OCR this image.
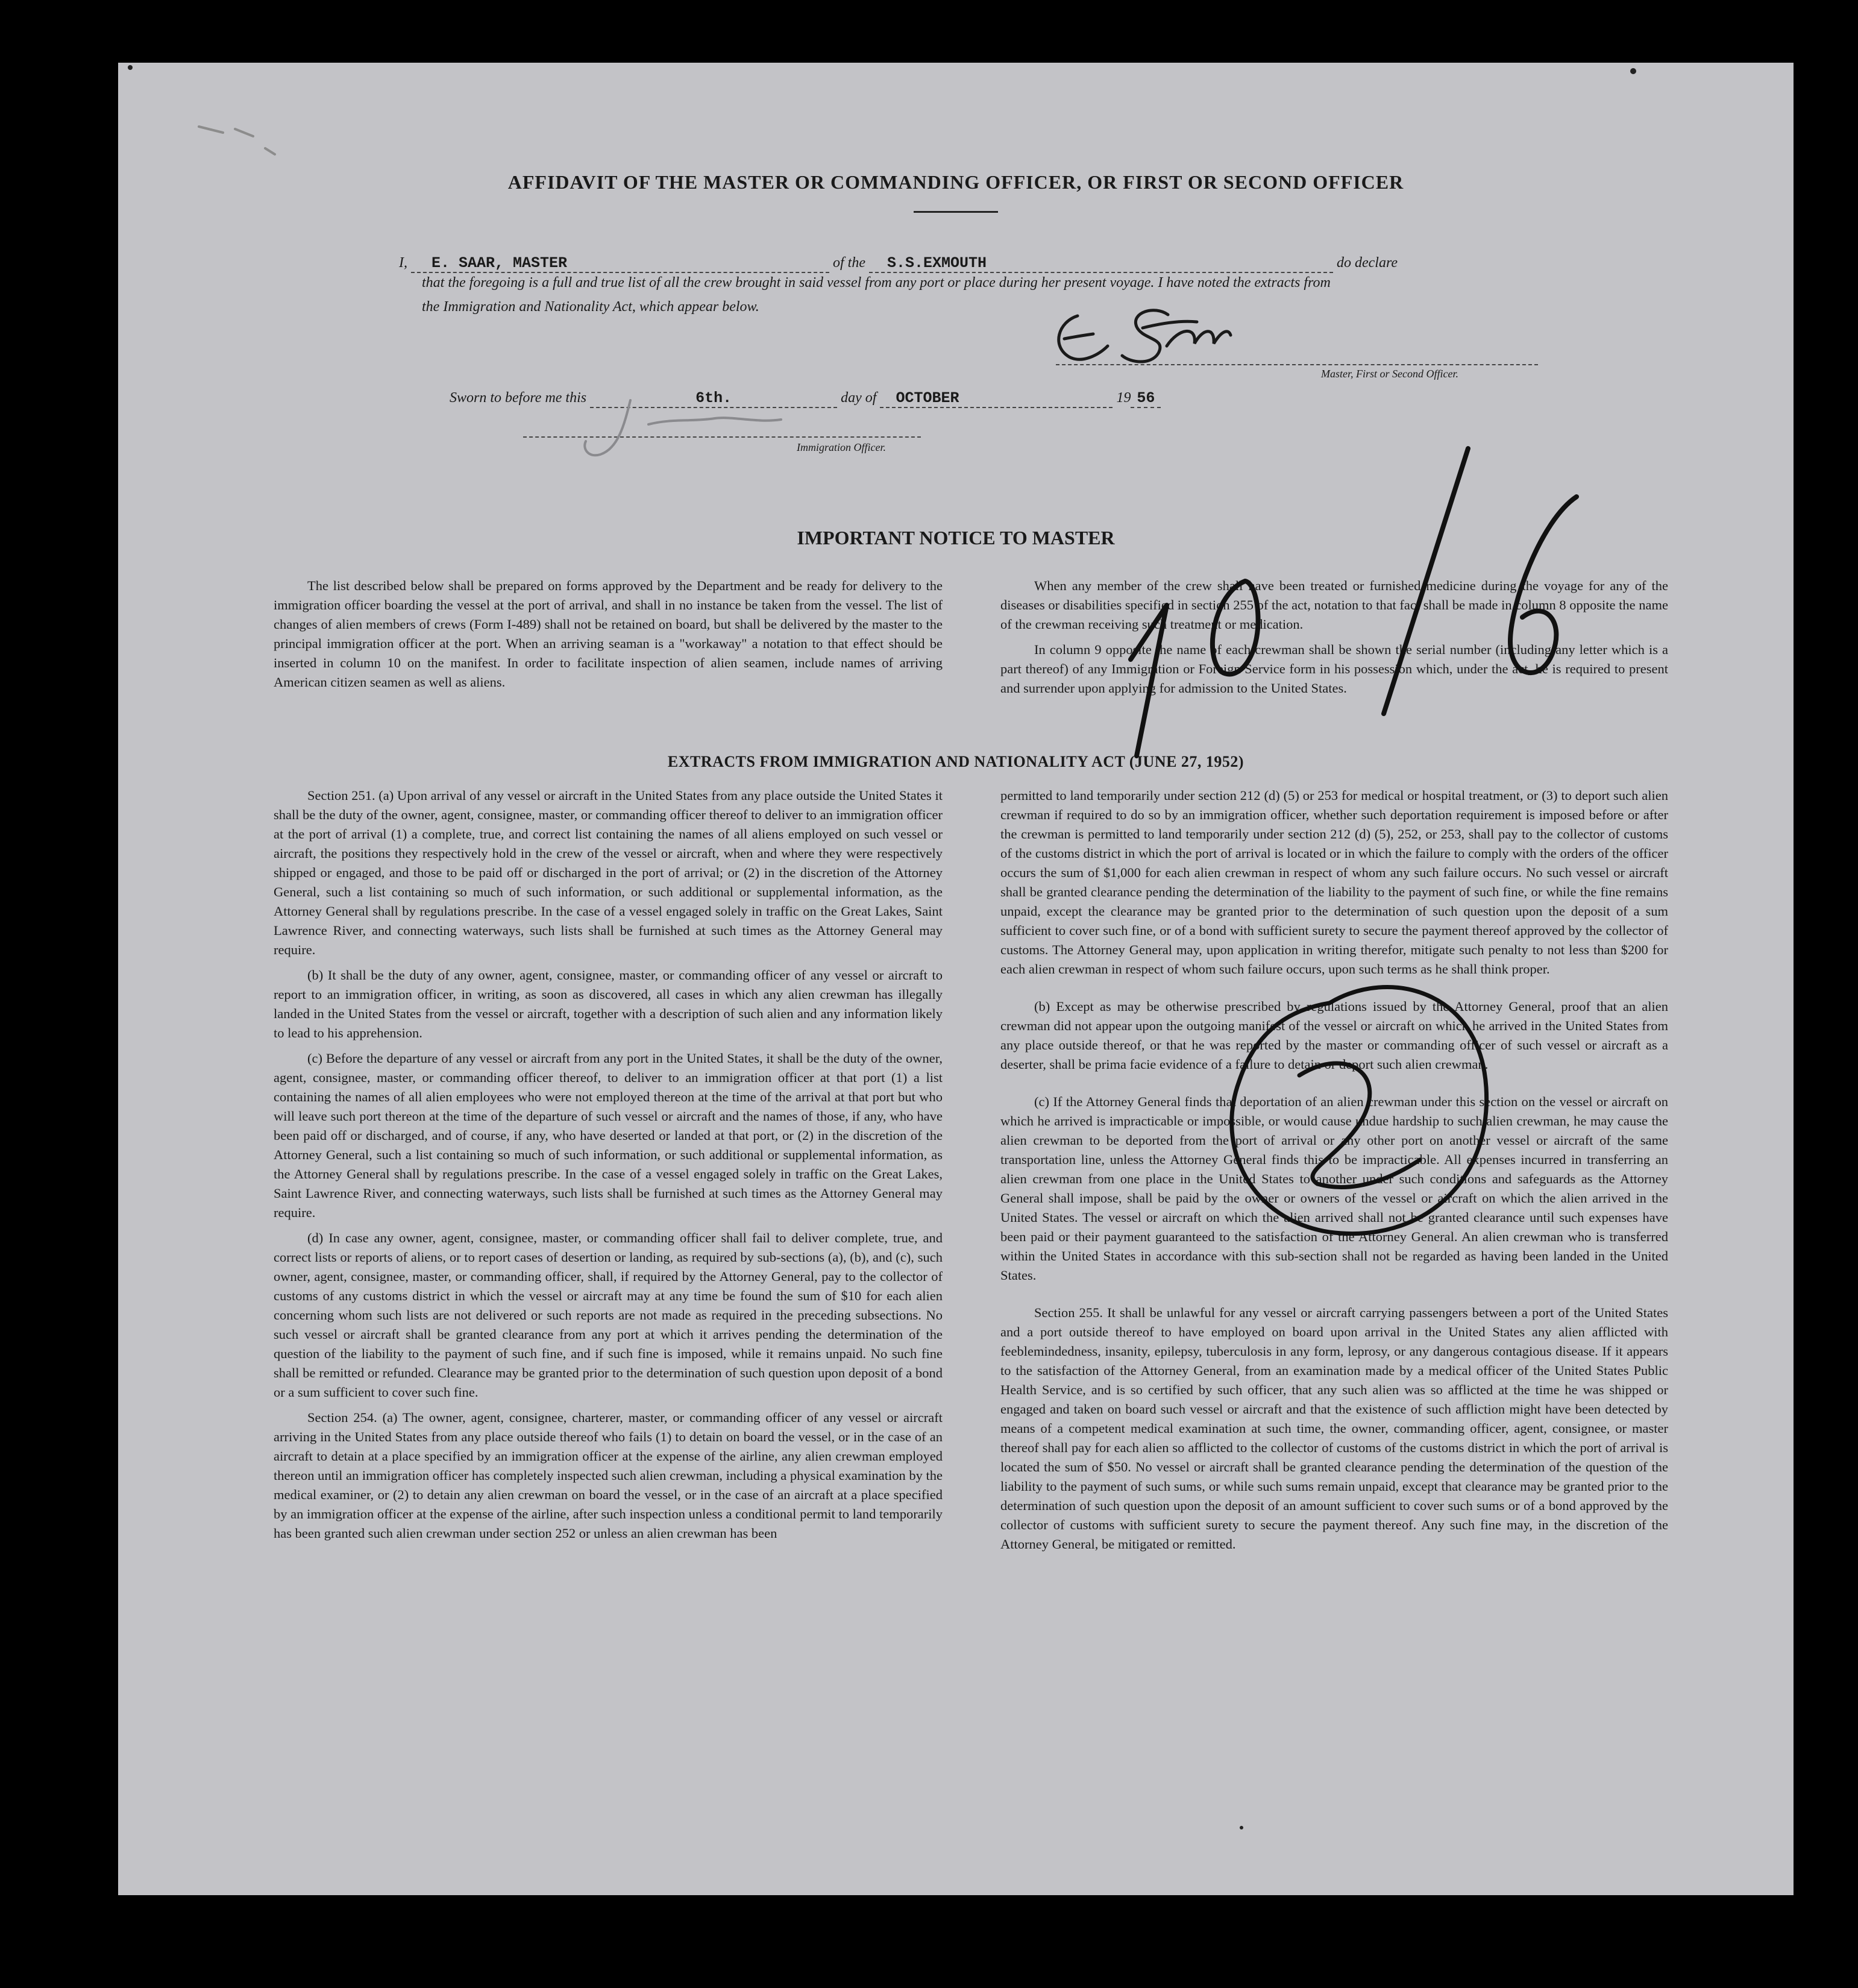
AFFIDAVIT OF THE MASTER OR COMMANDING OFFICER, OR FIRST OR SECOND OFFICER
I, E. SAAR, MASTER	of the S.S.EXMOUTH	do declare
that the foregoing is a full and true list of all the crew brought in said vessel from any port or place during her present voyage. I have noted the extracts from
the Immigration and Nationality Act, which appear below.
Master, First or Second Officer.
Sworn to before me this	6th.	day of OCTOBER	19 56
Immigration Officer.
IMPORTANT NOTICE TO MASTER

The list described below shall be prepared on forms approved by the Department and be ready for delivery to the immigration officer boarding the vessel at the port of arrival, and shall in no instance be taken from the vessel. The list of changes of alien members of crews (Form I-489) shall not be retained on board, but shall be delivered by the master to the principal immigration officer at the port. When an arriving seaman is a "workaway" a notation to that effect should be inserted in column 10 on the manifest. In order to facilitate inspection of alien seamen, include names of arriving American citizen seamen as well as aliens.

When any member of the crew shall have been treated or furnished medicine during the voyage for any of the diseases or disabilities specified in section 255 of the act, notation to that fact shall be made in column 8 opposite the name of the crewman receiving such treatment or medication.

In column 9 opposite the name of each crewman shall be shown the serial number (including any letter which is a part thereof) of any Immigration or Foreign Service form in his possession which, under the act, he is required to present and surrender upon applying for admission to the United States.

EXTRACTS FROM IMMIGRATION AND NATIONALITY ACT (JUNE 27, 1952)

Section 251. (a) Upon arrival of any vessel or aircraft in the United States from any place outside the United States it shall be the duty of the owner, agent, consignee, master, or commanding officer thereof to deliver to an immigration officer at the port of arrival (1) a complete, true, and correct list containing the names of all aliens employed on such vessel or aircraft, the positions they respectively hold in the crew of the vessel or aircraft, when and where they were respectively shipped or engaged, and those to be paid off or discharged in the port of arrival; or (2) in the discretion of the Attorney General, such a list containing so much of such information, or such additional or supplemental information, as the Attorney General shall by regulations prescribe. In the case of a vessel engaged solely in traffic on the Great Lakes, Saint Lawrence River, and connecting waterways, such lists shall be furnished at such times as the Attorney General may require.

(b) It shall be the duty of any owner, agent, consignee, master, or commanding officer of any vessel or aircraft to report to an immigration officer, in writing, as soon as discovered, all cases in which any alien crewman has illegally landed in the United States from the vessel or aircraft, together with a description of such alien and any information likely to lead to his apprehension.

(c) Before the departure of any vessel or aircraft from any port in the United States, it shall be the duty of the owner, agent, consignee, master, or commanding officer thereof, to deliver to an immigration officer at that port (1) a list containing the names of all alien employees who were not employed thereon at the time of the arrival at that port but who will leave such port thereon at the time of the departure of such vessel or aircraft and the names of those, if any, who have been paid off or discharged, and of course, if any, who have deserted or landed at that port, or (2) in the discretion of the Attorney General, such a list containing so much of such information, or such additional or supplemental information, as the Attorney General shall by regulations prescribe. In the case of a vessel engaged solely in traffic on the Great Lakes, Saint Lawrence River, and connecting waterways, such lists shall be furnished at such times as the Attorney General may require.

(d) In case any owner, agent, consignee, master, or commanding officer shall fail to deliver complete, true, and correct lists or reports of aliens, or to report cases of desertion or landing, as required by sub-sections (a), (b), and (c), such owner, agent, consignee, master, or commanding officer, shall, if required by the Attorney General, pay to the collector of customs of any customs district in which the vessel or aircraft may at any time be found the sum of $10 for each alien concerning whom such lists are not delivered or such reports are not made as required in the preceding subsections. No such vessel or aircraft shall be granted clearance from any port at which it arrives pending the determination of the question of the liability to the payment of such fine, and if such fine is imposed, while it remains unpaid. No such fine shall be remitted or refunded. Clearance may be granted prior to the determination of such question upon deposit of a bond or a sum sufficient to cover such fine.

Section 254. (a) The owner, agent, consignee, charterer, master, or commanding officer of any vessel or aircraft arriving in the United States from any place outside thereof who fails (1) to detain on board the vessel, or in the case of an aircraft to detain at a place specified by an immigration officer at the expense of the airline, any alien crewman employed thereon until an immigration officer has completely inspected such alien crewman, including a physical examination by the medical examiner, or (2) to detain any alien crewman on board the vessel, or in the case of an aircraft at a place specified by an immigration officer at the expense of the airline, after such inspection unless a conditional permit to land temporarily has been granted such alien crewman under section 252 or unless an alien crewman has been

permitted to land temporarily under section 212 (d) (5) or 253 for medical or hospital treatment, or (3) to deport such alien crewman if required to do so by an immigration officer, whether such deportation requirement is imposed before or after the crewman is permitted to land temporarily under section 212 (d) (5), 252, or 253, shall pay to the collector of customs of the customs district in which the port of arrival is located or in which the failure to comply with the orders of the officer occurs the sum of $1,000 for each alien crewman in respect of whom any such failure occurs. No such vessel or aircraft shall be granted clearance pending the determination of the liability to the payment of such fine, or while the fine remains unpaid, except the clearance may be granted prior to the determination of such question upon the deposit of a sum sufficient to cover such fine, or of a bond with sufficient surety to secure the payment thereof approved by the collector of customs. The Attorney General may, upon application in writing therefor, mitigate such penalty to not less than $200 for each alien crewman in respect of whom such failure occurs, upon such terms as he shall think proper.

(b) Except as may be otherwise prescribed by regulations issued by the Attorney General, proof that an alien crewman did not appear upon the outgoing manifest of the vessel or aircraft on which he arrived in the United States from any place outside thereof, or that he was reported by the master or commanding officer of such vessel or aircraft as a deserter, shall be prima facie evidence of a failure to detain or deport such alien crewman.

(c) If the Attorney General finds that deportation of an alien crewman under this section on the vessel or aircraft on which he arrived is impracticable or impossible, or would cause undue hardship to such alien crewman, he may cause the alien crewman to be deported from the port of arrival or any other port on another vessel or aircraft of the same transportation line, unless the Attorney General finds this to be impracticable. All expenses incurred in transferring an alien crewman from one place in the United States to another under such conditions and safeguards as the Attorney General shall impose, shall be paid by the owner or owners of the vessel or aircraft on which the alien arrived in the United States. The vessel or aircraft on which the alien arrived shall not be granted clearance until such expenses have been paid or their payment guaranteed to the satisfaction of the Attorney General. An alien crewman who is transferred within the United States in accordance with this sub-section shall not be regarded as having been landed in the United States.

Section 255. It shall be unlawful for any vessel or aircraft carrying passengers between a port of the United States and a port outside thereof to have employed on board upon arrival in the United States any alien afflicted with feeblemindedness, insanity, epilepsy, tuberculosis in any form, leprosy, or any dangerous contagious disease. If it appears to the satisfaction of the Attorney General, from an examination made by a medical officer of the United States Public Health Service, and is so certified by such officer, that any such alien was so afflicted at the time he was shipped or engaged and taken on board such vessel or aircraft and that the existence of such affliction might have been detected by means of a competent medical examination at such time, the owner, commanding officer, agent, consignee, or master thereof shall pay for each alien so afflicted to the collector of customs of the customs district in which the port of arrival is located the sum of $50. No vessel or aircraft shall be granted clearance pending the determination of the question of the liability to the payment of such sums, or while such sums remain unpaid, except that clearance may be granted prior to the determination of such question upon the deposit of an amount sufficient to cover such sums or of a bond approved by the collector of customs with sufficient surety to secure the payment thereof. Any such fine may, in the discretion of the Attorney General, be mitigated or remitted.
